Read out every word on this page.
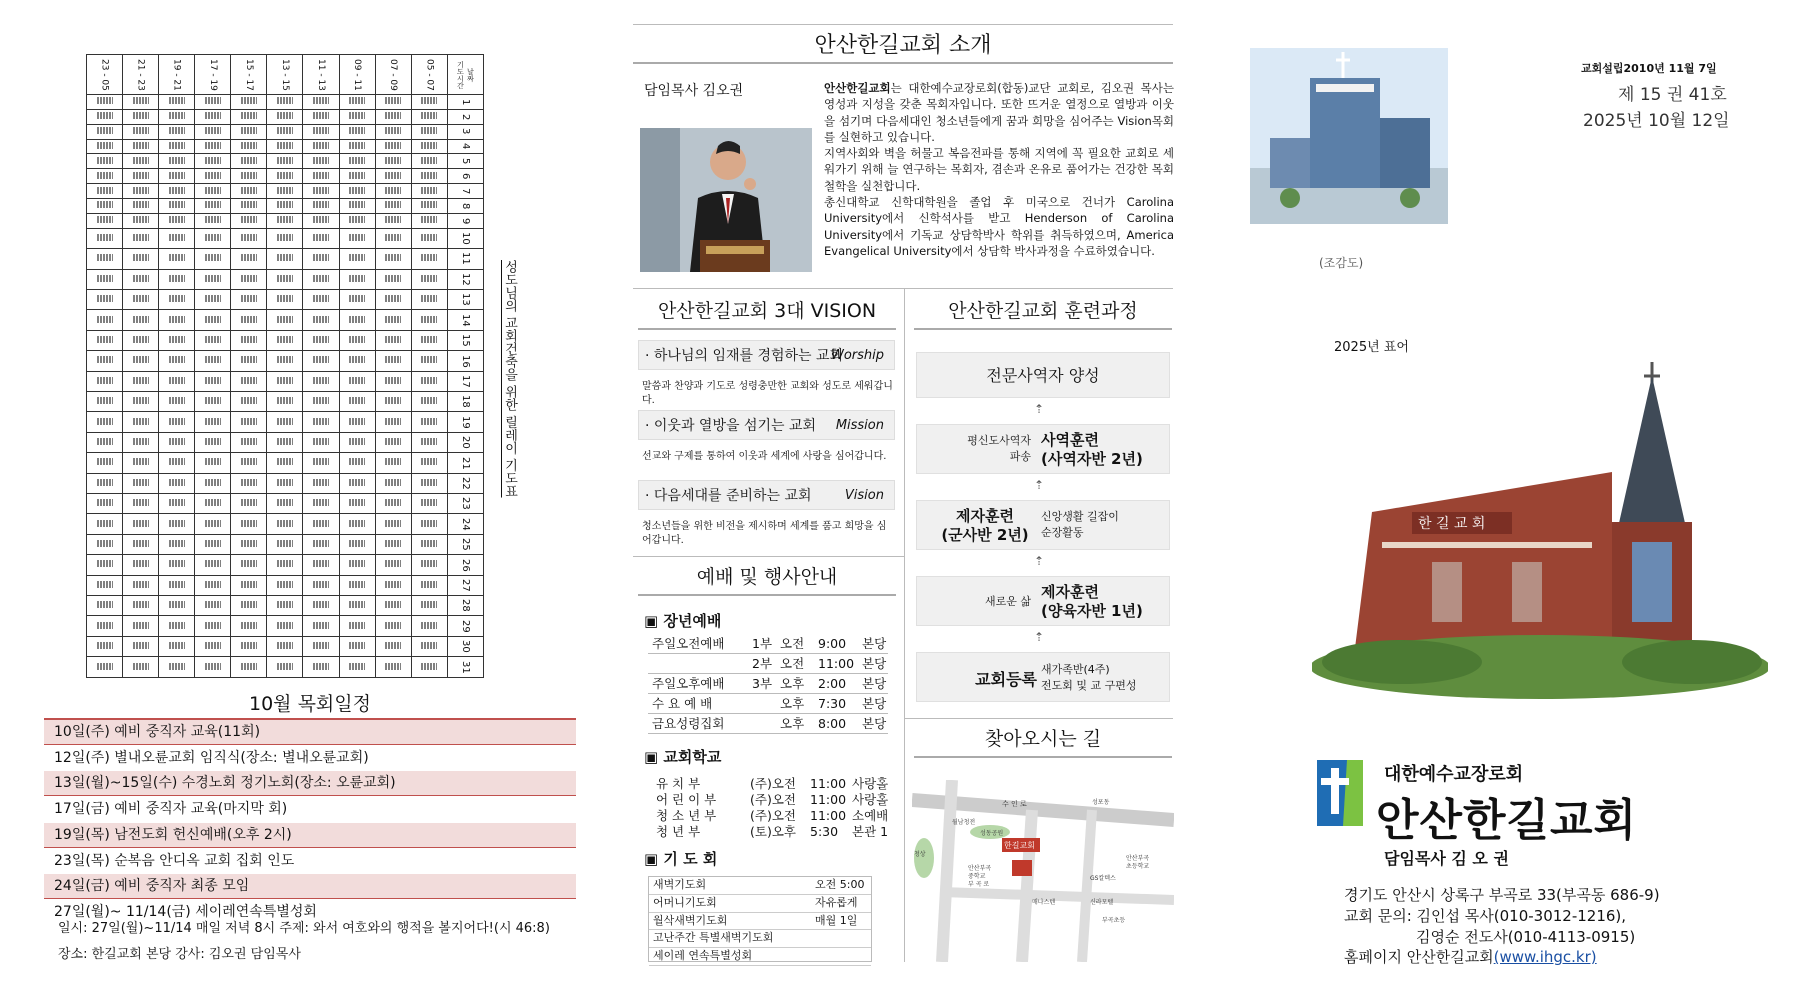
23 - 05	21 - 23	19 - 21	17 - 19	15 - 17	13 - 15	11 - 13	09 - 11	07 - 09	05 - 07	날짜
기도시간
										1
										2
										3
										4
										5
										6
										7
										8
										9
										10
										11
										12
										13
										14
										15
										16
										17
										18
										19
										20
										21
										22
										23
										24
										25
										26
										27
										28
										29
										30
										31
성도님의 교회건축을 위한 릴레이 기도표
10월 목회일정
10일(주) 예비 중직자 교육(11회)
12일(주) 별내오륜교회 임직식(장소: 별내오륜교회)
13일(월)~15일(수) 수경노회 정기노회(장소: 오륜교회)
17일(금) 예비 중직자 교육(마지막 회)
19일(목) 남전도회 헌신예배(오후 2시)
23일(목) 순복음 안디옥 교회 집회 인도
24일(금) 예비 중직자 최종 모임
27일(월)~ 11/14(금) 세이레연속특별성회
일시: 27일(월)~11/14 매일 저녁 8시 주제: 와서 여호와의 행적을 볼지어다!(시 46:8)
장소: 한길교회 본당 강사: 김오권 담임목사
안산한길교회 소개
담임목사 김오권	안산한길교회는 대한예수교장로회(합동)교단 교회로, 김오권 목사는 영성과 지성을 갖춘 목회자입니다. 또한 뜨거운 열정으로 열방과 이웃을 섬기며 다음세대인 청소년들에게 꿈과 희망을 심어주는 Vision목회를 실현하고 있습니다.
지역사회와 벽을 허물고 복음전파를 통해 지역에 꼭 필요한 교회로 세워가기 위해 늘 연구하는 목회자, 겸손과 온유로 품어가는 건강한 목회철학을 실천합니다.
총신대학교 신학대학원을 졸업 후 미국으로 건너가 Carolina University에서 신학석사를 받고 Henderson of Carolina University에서 기독교 상담학박사 학위를 취득하였으며, America Evangelical University에서 상담학 박사과정을 수료하였습니다.
안산한길교회 3대 VISION
· 하나님의 임재를 경험하는 교회
Worship
말씀과 찬양과 기도로 성령충만한 교회와 성도로 세워갑니다.
· 이웃과 열방을 섬기는 교회 Mission
선교와 구제를 통하여 이웃과 세계에 사랑을 심어갑니다.
· 다음세대를 준비하는 교회	Vision
청소년들을 위한 비전을 제시하며 세계를 품고 희망을 심어갑니다.
안산한길교회 훈련과정
전문사역자 양성
⇡
평신도사역자
파송
사역훈련
(사역자반 2년)
⇡
제자훈련
(군사반 2년)
신앙생활 길잡이
순장활동
⇡
새로운 삶
제자훈련
(양육자반 1년)
⇡
교회등록
새가족반(4주)
전도회 및 교 구편성
예배 및 행사안내
▣ 장년예배
주일오전예배 1부 오전 9:00 본당
2부 오전 11:00 본당
주일오후예배 3부 오후 2:00 본당
수 요 예 배	오후 7:30 본당
금요성령집회	오후 8:00 본당
▣ 교회학교
유 치 부	(주)오전 11:00 사랑홀
어 린 이 부	(주)오전 11:00 사랑홀
청 소 년 부	(주)오전 11:00 소예배
청 년 부	(토)오후 5:30 본관 1
▣ 기 도 회
새벽기도회	오전 5:00
어머니기도회	자유롭게
월삭새벽기도회	매월 1일
고난주간 특별새벽기도회
세이레 연속특별성회
찾아오시는 길
수 인 로
월남청전
성동공원
한길교회
안산부곡
중학교
부 곡 로
청상
매나스텐
GS칼텍스
신라모텔
안산부곡
초등학교
부곡초등
성포동
(조감도)
교회설립2010년 11월 7일
제 15 권 41호
2025년 10월 12일
2025년 표어
한 길 교 회
대한예수교장로회
안산한길교회
담임목사 김 오 권
경기도 안산시 상록구 부곡로 33(부곡동 686-9)
교회 문의: 김인섭 목사(010-3012-1216),
김영순 전도사(010-4113-0915)
홈페이지 안산한길교회(www.ihgc.kr)
